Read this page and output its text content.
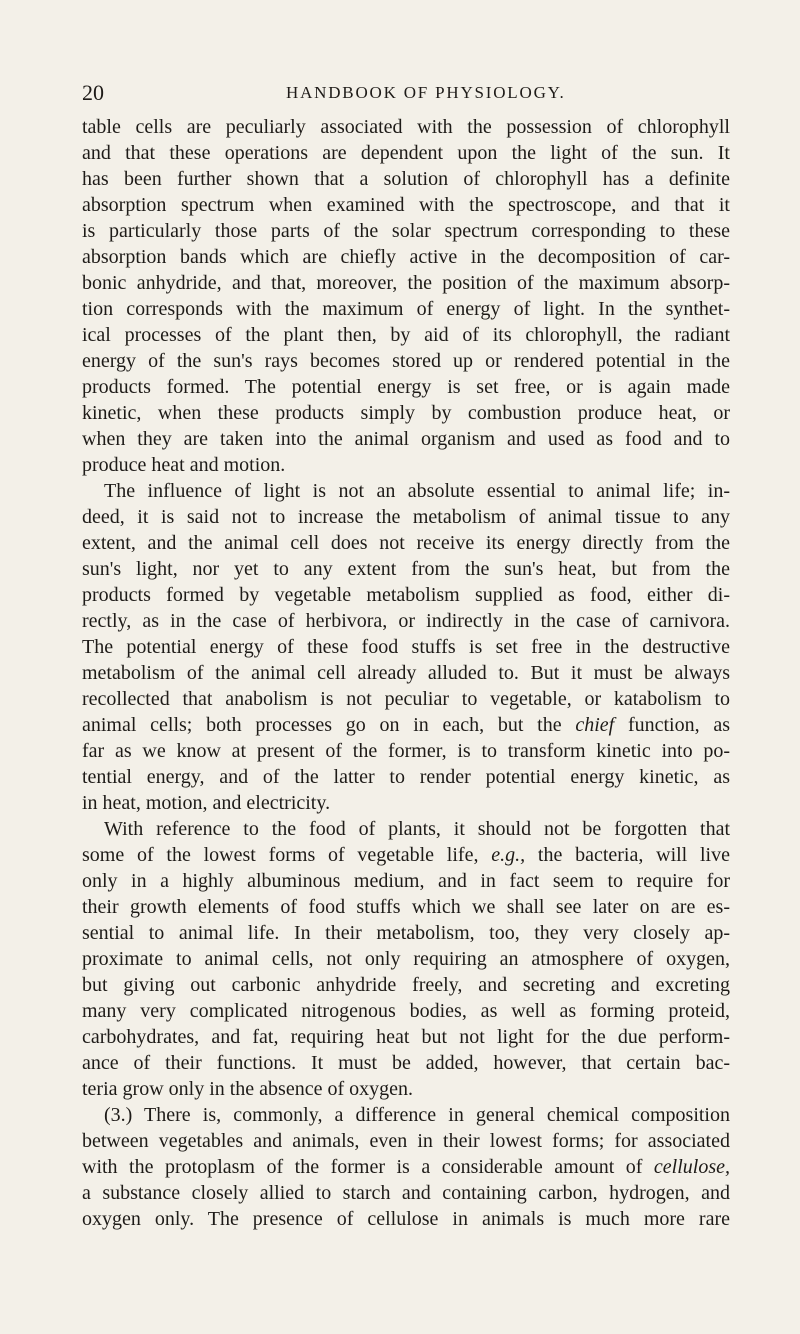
20	HANDBOOK OF PHYSIOLOGY.
table cells are peculiarly associated with the possession of chlorophyll
and that these operations are dependent upon the light of the sun. It
has been further shown that a solution of chlorophyll has a definite
absorption spectrum when examined with the spectroscope, and that it
is particularly those parts of the solar spectrum corresponding to these
absorption bands which are chiefly active in the decomposition of car-
bonic anhydride, and that, moreover, the position of the maximum absorp-
tion corresponds with the maximum of energy of light. In the synthet-
ical processes of the plant then, by aid of its chlorophyll, the radiant
energy of the sun's rays becomes stored up or rendered potential in the
products formed. The potential energy is set free, or is again made
kinetic, when these products simply by combustion produce heat, or
when they are taken into the animal organism and used as food and to
produce heat and motion.
The influence of light is not an absolute essential to animal life; in-
deed, it is said not to increase the metabolism of animal tissue to any
extent, and the animal cell does not receive its energy directly from the
sun's light, nor yet to any extent from the sun's heat, but from the
products formed by vegetable metabolism supplied as food, either di-
rectly, as in the case of herbivora, or indirectly in the case of carnivora.
The potential energy of these food stuffs is set free in the destructive
metabolism of the animal cell already alluded to. But it must be always
recollected that anabolism is not peculiar to vegetable, or katabolism to
animal cells; both processes go on in each, but the chief function, as
far as we know at present of the former, is to transform kinetic into po-
tential energy, and of the latter to render potential energy kinetic, as
in heat, motion, and electricity.
With reference to the food of plants, it should not be forgotten that
some of the lowest forms of vegetable life, e.g., the bacteria, will live
only in a highly albuminous medium, and in fact seem to require for
their growth elements of food stuffs which we shall see later on are es-
sential to animal life. In their metabolism, too, they very closely ap-
proximate to animal cells, not only requiring an atmosphere of oxygen,
but giving out carbonic anhydride freely, and secreting and excreting
many very complicated nitrogenous bodies, as well as forming proteid,
carbohydrates, and fat, requiring heat but not light for the due perform-
ance of their functions. It must be added, however, that certain bac-
teria grow only in the absence of oxygen.
(3.) There is, commonly, a difference in general chemical composition
between vegetables and animals, even in their lowest forms; for associated
with the protoplasm of the former is a considerable amount of cellulose,
a substance closely allied to starch and containing carbon, hydrogen, and
oxygen only. The presence of cellulose in animals is much more rare
